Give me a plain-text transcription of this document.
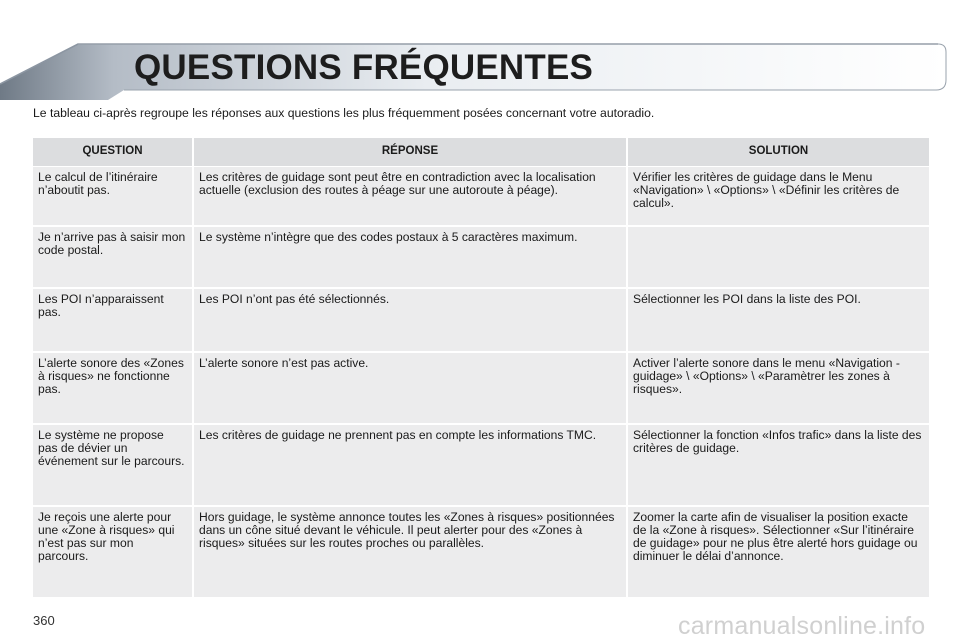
QUESTIONS FRÉQUENTES
Le tableau ci-après regroupe les réponses aux questions les plus fréquemment posées concernant votre autoradio.
QUESTION	RÉPONSE	SOLUTION

Le calcul de l’itinéraire n’aboutit pas.	Les critères de guidage sont peut être en contradiction avec la localisation actuelle (exclusion des routes à péage sur une autoroute à péage).	Vérifier les critères de guidage dans le Menu «Navigation» \ «Options» \ «Définir les critères de calcul».

Je n’arrive pas à saisir mon code postal.	Le système n’intègre que des codes postaux à 5 caractères maximum.	

Les POI n’apparaissent pas.	Les POI n’ont pas été sélectionnés.	Sélectionner les POI dans la liste des POI.

L’alerte sonore des «Zones à risques» ne fonctionne pas.	L’alerte sonore n’est pas active.	Activer l’alerte sonore dans le menu «Navigation - guidage» \ «Options» \ «Paramètrer les zones à risques».

Le système ne propose pas de dévier un événement sur le parcours.	Les critères de guidage ne prennent pas en compte les informations TMC.	Sélectionner la fonction «Infos trafic» dans la liste des critères de guidage.

Je reçois une alerte pour une «Zone à risques» qui n’est pas sur mon parcours.	Hors guidage, le système annonce toutes les «Zones à risques» positionnées dans un cône situé devant le véhicule. Il peut alerter pour des «Zones à risques» situées sur les routes proches ou parallèles.	Zoomer la carte afin de visualiser la position exacte de la «Zone à risques». Sélectionner «Sur l’itinéraire de guidage» pour ne plus être alerté hors guidage ou diminuer le délai d’annonce.
360	carmanualsonline.info
